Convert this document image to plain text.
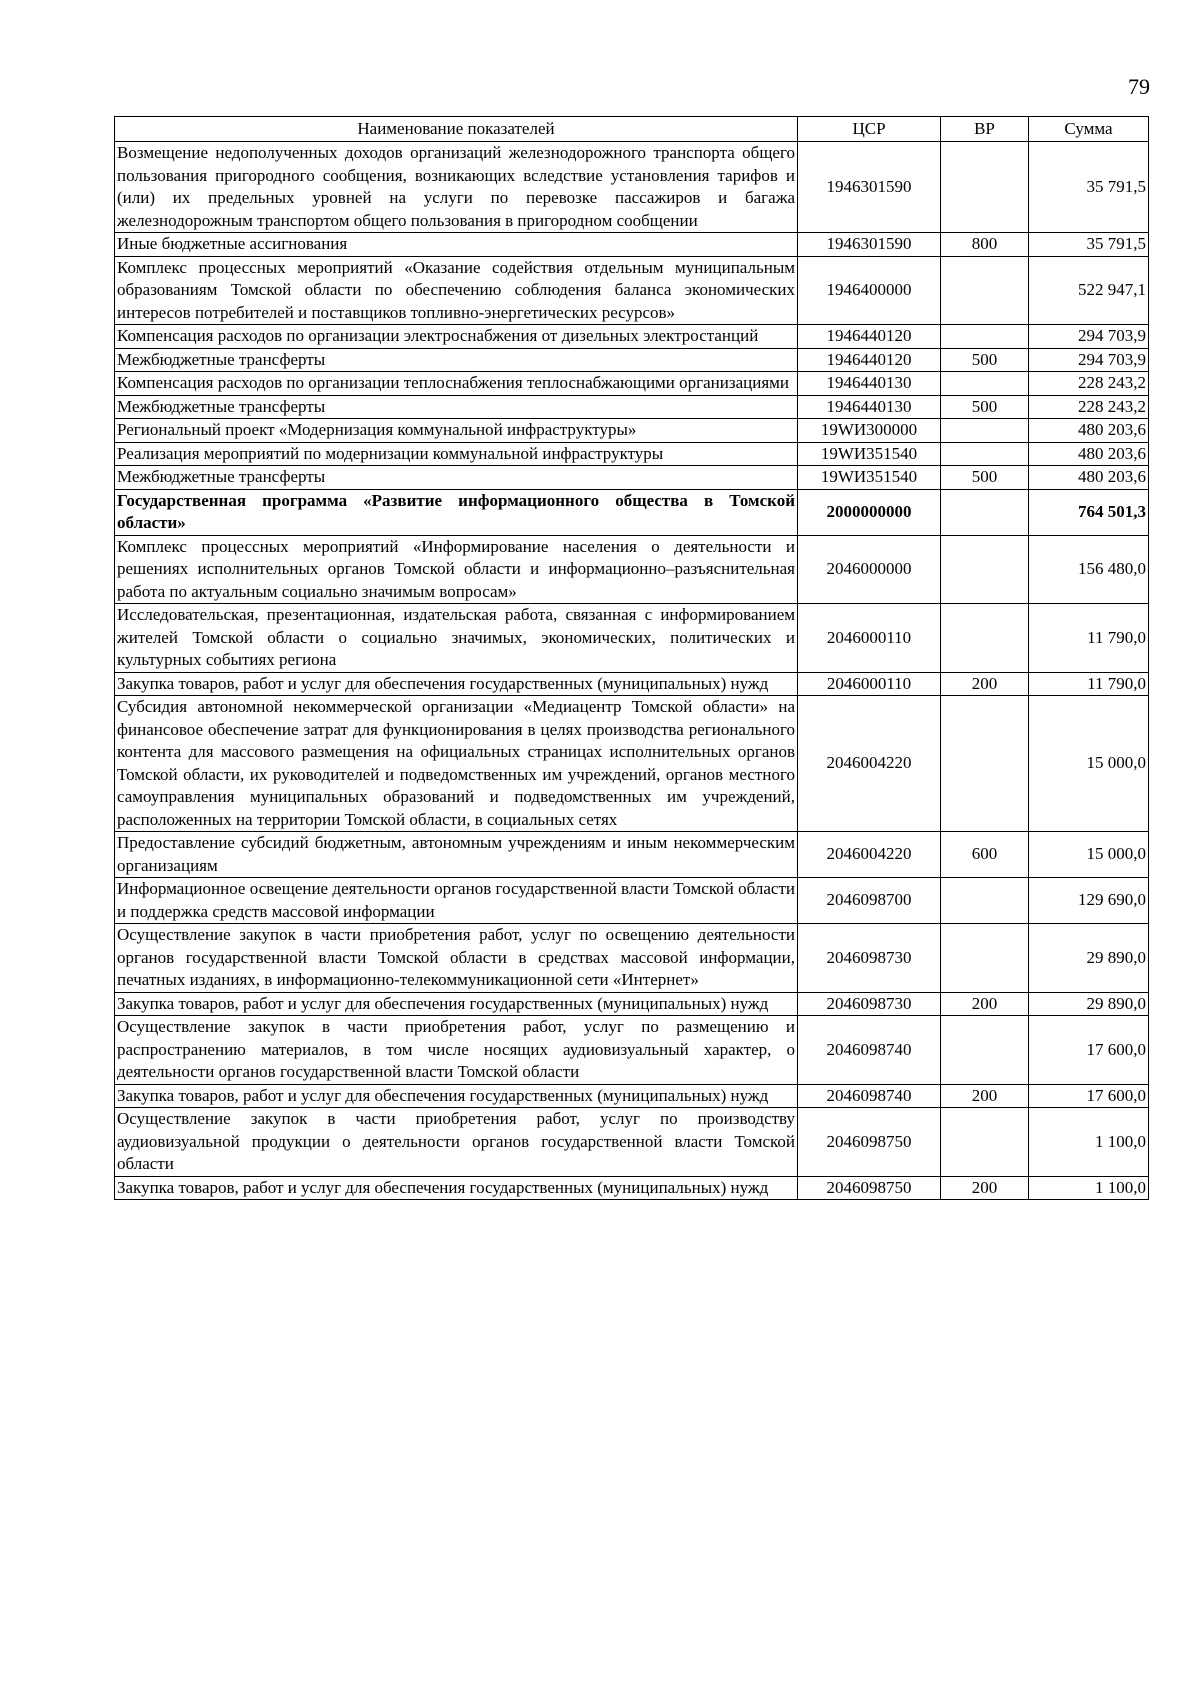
79
Наименование показателей	ЦСР	ВР	Сумма
Возмещение недополученных доходов организаций железнодорожного транспорта общего пользования пригородного сообщения, возникающих вследствие установления тарифов и (или) их предельных уровней на услуги по перевозке пассажиров и багажа железнодорожным транспортом общего пользования в пригородном сообщении	1946301590		35 791,5
Иные бюджетные ассигнования	1946301590	800	35 791,5
Комплекс процессных мероприятий «Оказание содействия отдельным муниципальным образованиям Томской области по обеспечению соблюдения баланса экономических интересов потребителей и поставщиков топливно-энергетических ресурсов»	1946400000		522 947,1
Компенсация расходов по организации электроснабжения от дизельных электростанций	1946440120		294 703,9
Межбюджетные трансферты	1946440120	500	294 703,9
Компенсация расходов по организации теплоснабжения теплоснабжающими организациями	1946440130		228 243,2
Межбюджетные трансферты	1946440130	500	228 243,2
Региональный проект «Модернизация коммунальной инфраструктуры»	19WИ300000		480 203,6
Реализация мероприятий по модернизации коммунальной инфраструктуры	19WИ351540		480 203,6
Межбюджетные трансферты	19WИ351540	500	480 203,6
Государственная программа «Развитие информационного общества в Томской области»	2000000000		764 501,3
Комплекс процессных мероприятий «Информирование населения о деятельности и решениях исполнительных органов Томской области и информационно–разъяснительная работа по актуальным социально значимым вопросам»	2046000000		156 480,0
Исследовательская, презентационная, издательская работа, связанная с информированием жителей Томской области о социально значимых, экономических, политических и культурных событиях региона	2046000110		11 790,0
Закупка товаров, работ и услуг для обеспечения государственных (муниципальных) нужд	2046000110	200	11 790,0
Субсидия автономной некоммерческой организации «Медиацентр Томской области» на финансовое обеспечение затрат для функционирования в целях производства регионального контента для массового размещения на официальных страницах исполнительных органов Томской области, их руководителей и подведомственных им учреждений, органов местного самоуправления муниципальных образований и подведомственных им учреждений, расположенных на территории Томской области, в социальных сетях	2046004220		15 000,0
Предоставление субсидий бюджетным, автономным учреждениям и иным некоммерческим организациям	2046004220	600	15 000,0
Информационное освещение деятельности органов государственной власти Томской области и поддержка средств массовой информации	2046098700		129 690,0
Осуществление закупок в части приобретения работ, услуг по освещению деятельности органов государственной власти Томской области в средствах массовой информации, печатных изданиях, в информационно-телекоммуникационной сети «Интернет»	2046098730		29 890,0
Закупка товаров, работ и услуг для обеспечения государственных (муниципальных) нужд	2046098730	200	29 890,0
Осуществление закупок в части приобретения работ, услуг по размещению и распространению материалов, в том числе носящих аудиовизуальный характер, о деятельности органов государственной власти Томской области	2046098740		17 600,0
Закупка товаров, работ и услуг для обеспечения государственных (муниципальных) нужд	2046098740	200	17 600,0
Осуществление закупок в части приобретения работ, услуг по производству аудиовизуальной продукции о деятельности органов государственной власти Томской области	2046098750		1 100,0
Закупка товаров, работ и услуг для обеспечения государственных (муниципальных) нужд	2046098750	200	1 100,0
